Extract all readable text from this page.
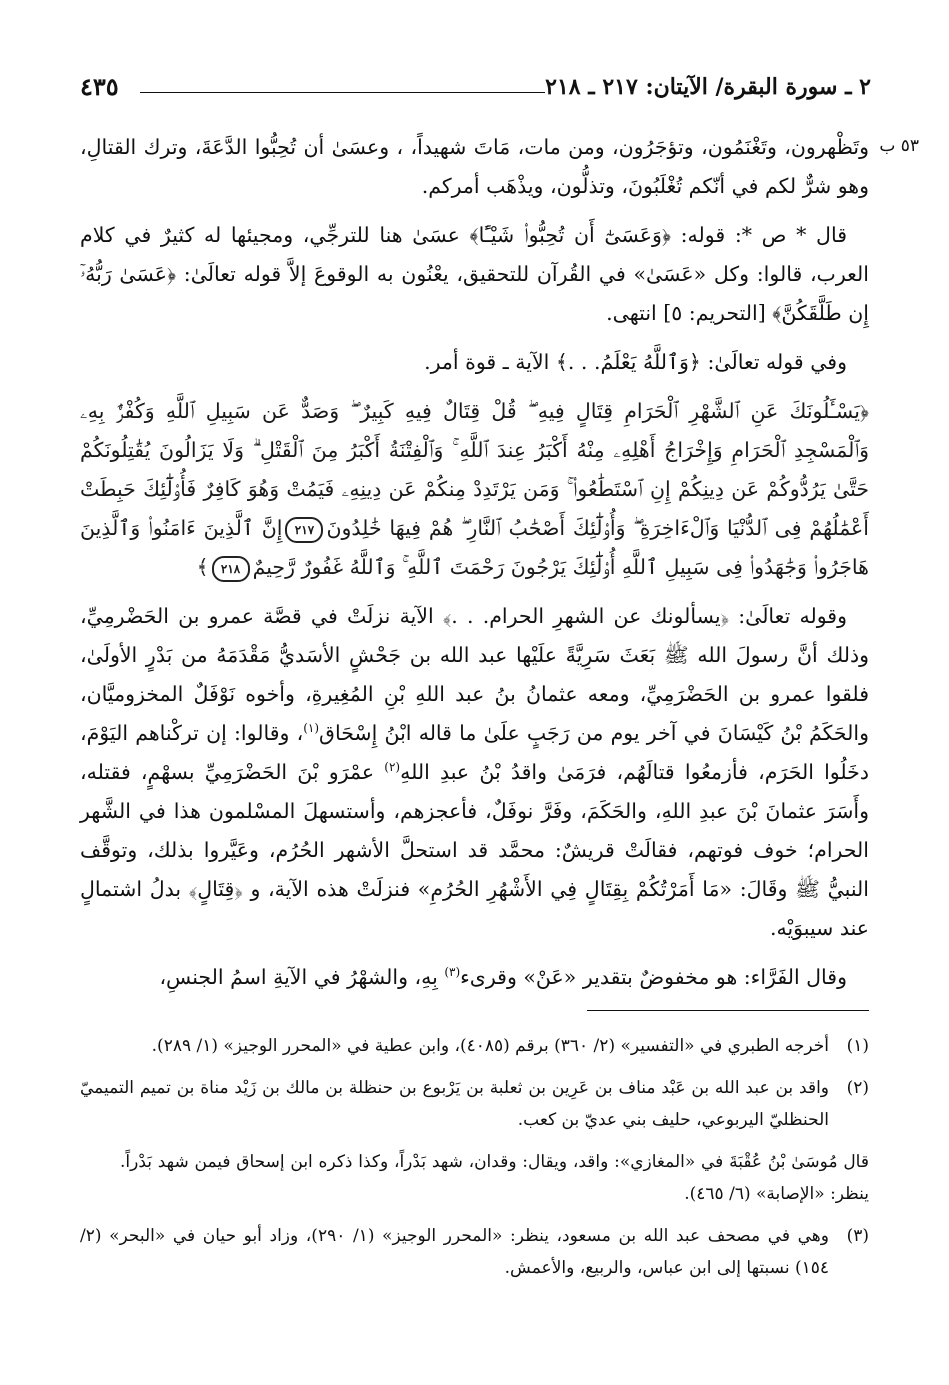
٤٣٥	٢ ـ سورة البقرة/ الآيتان: ٢١٧ ـ ٢١٨
٥٣ ب

وتَظْهرون، وتَغْنَمُون، وتؤجَرُون، ومن مات، مَاتَ شهيداً، ، وعسَىٰ أن تُحِبُّوا الدَّعَةَ، وترك القتالِ، وهو شرٌّ لكم في أنّكم تُغْلَبُونَ، وتذلُّون، ويذْهَب أمركم.

قال * ص *: قوله: ﴿وَعَسَىٰٓ أَن تُحِبُّوا۟ شَيْـًٔا﴾ عسَىٰ هنا للترجِّي، ومجيئها له كثيرٌ في كلام العرب، قالوا: وكل «عَسَىٰ» في القُرآن للتحقيق، يعْنُون به الوقوعَ إلاَّ قوله تعالَىٰ: ﴿عَسَىٰ رَبُّهُۥٓ إِن طَلَّقَكُنَّ﴾ [التحريم: ٥] انتهى.

وفي قوله تعالَىٰ: ﴿وَٱللَّهُ يَعْلَمُ. . .﴾ الآية ـ قوة أمر.

﴿يَسْـَٔلُونَكَ عَنِ ٱلشَّهْرِ ٱلْحَرَامِ قِتَالٍ فِيهِ ۖ قُلْ قِتَالٌ فِيهِ كَبِيرٌ ۖ وَصَدٌّ عَن سَبِيلِ ٱللَّهِ وَكُفْرٌۢ بِهِۦ وَٱلْمَسْجِدِ ٱلْحَرَامِ وَإِخْرَاجُ أَهْلِهِۦ مِنْهُ أَكْبَرُ عِندَ ٱللَّهِ ۚ وَٱلْفِتْنَةُ أَكْبَرُ مِنَ ٱلْقَتْلِ ۗ وَلَا يَزَالُونَ يُقَٰتِلُونَكُمْ حَتَّىٰ يَرُدُّوكُمْ عَن دِينِكُمْ إِنِ ٱسْتَطَٰعُوا۟ ۚ وَمَن يَرْتَدِدْ مِنكُمْ عَن دِينِهِۦ فَيَمُتْ وَهُوَ كَافِرٌ فَأُو۟لَٰٓئِكَ حَبِطَتْ أَعْمَٰلُهُمْ فِى ٱلدُّنْيَا وَٱلْءَاخِرَةِ ۖ وَأُو۟لَٰٓئِكَ أَصْحَٰبُ ٱلنَّارِ ۖ هُمْ فِيهَا خَٰلِدُونَ٢١٧إِنَّ ٱلَّذِينَ ءَامَنُوا۟ وَٱلَّذِينَ هَاجَرُوا۟ وَجَٰهَدُوا۟ فِى سَبِيلِ ٱللَّهِ أُو۟لَٰٓئِكَ يَرْجُونَ رَحْمَتَ ٱللَّهِ ۚ وَٱللَّهُ غَفُورٌ رَّحِيمٌ٢١٨﴾

وقوله تعالَىٰ: ﴿يسألونك عن الشهرِ الحرام. . .﴾ الآية نزلَتْ في قصَّة عمرو بن الحَضْرمِيِّ، وذلك أنَّ رسولَ الله ﷺ بَعَثَ سَرِيَّةً علَيْها عبد الله بن جَحْشٍ الأسَديُّ مَقْدَمَهُ من بَدْرٍ الأولَىٰ، فلقوا عمرو بن الحَضْرَمِيِّ، ومعه عثمانُ بنُ عبد اللهِ بْنِ المُغِيرةِ، وأخوه نَوْفَلٌ المخزوميَّان، والحَكَمُ بْنُ كَيْسَانَ في آخر يوم من رَجَبٍ علَىٰ ما قاله ابْنُ إِسْحَاق$^{(١)}$، وقالوا: إن تركْناهم اليَوْمَ، دخَلُوا الحَرَم، فأزمعُوا قتالَهُم، فرَمَىٰ واقدُ بْنُ عبدِ اللهِ$^{(٢)}$ عمْرَو بْنَ الحَضْرَمِيِّ بسهْمٍ، فقتله، وأَسَرَ عثمانَ بْنَ عبدِ اللهِ، والحَكَمَ، وفَرَّ نوفَلٌ، فأعجزهم، وأستسهلَ المسْلمون هذا في الشَّهر الحرام؛ خوف فوتهم، فقالَتْ قريشٌ: محمَّد قد استحلَّ الأشهر الحُرُم، وعَيَّروا بذلك، وتوقَّف النبيُّ ﷺ وقَالَ: «مَا أَمَرْتُكُمْ بِقِتَالٍ فِي الأَشْهُرِ الحُرُمِ» فنزلَتْ هذه الآية، و ﴿قِتَالٍ﴾ بدلُ اشتمالٍ عند سيبوَيْه.

وقال الفَرَّاء: هو مخفوضٌ بتقدير «عَنْ» وقرىء$^{(٣)}$ بِهِ، والشهْرُ في الآيةِ اسمُ الجنسِ،

(١)
أخرجه الطبري في «التفسير» (٢/ ٣٦٠) برقم (٤٠٨٥)، وابن عطية في «المحرر الوجيز» (١/ ٢٨٩).
(٢)
واقد بن عبد الله بن عَبْد مناف بن عَرِين بن ثعلبة بن يَرْبوع بن حنظلة بن مالك بن زَيْد مناة بن تميم التميميّ الحنظليّ اليربوعي، حليف بني عديّ بن كعب.
قال مُوسَىٰ بْنُ عُقْبَةَ في «المغازي»: واقد، ويقال: وقدان، شهد بَدْراً، وكذا ذكره ابن إسحاق فيمن شهد بَدْراً. ينظر: «الإصابة» (٦/ ٤٦٥).
(٣)
وهي في مصحف عبد الله بن مسعود، ينظر: «المحرر الوجيز» (١/ ٢٩٠)، وزاد أبو حيان في «البحر» (٢/ ١٥٤) نسبتها إلى ابن عباس، والربيع، والأعمش.
